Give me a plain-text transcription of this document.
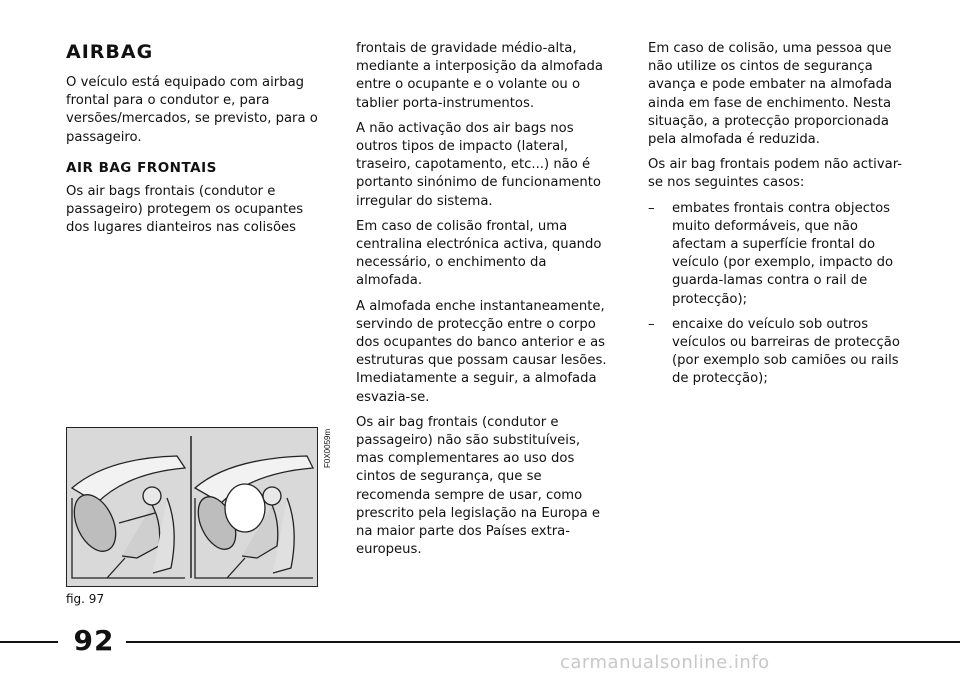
AIRBAG

O veículo está equipado com airbag frontal para o condutor e, para versões/mercados, se previsto, para o passageiro.

AIR BAG FRONTAIS

Os air bags frontais (condutor e passageiro) protegem os ocupantes dos lugares dianteiros nas colisões

frontais de gravidade médio-alta, mediante a interposição da almofada entre o ocupante e o volante ou o tablier porta-instrumentos.

A não activação dos air bags nos outros tipos de impacto (lateral, traseiro, capotamento, etc...) não é portanto sinónimo de funcionamento irregular do sistema.

Em caso de colisão frontal, uma centralina electrónica activa, quando necessário, o enchimento da almofada.

A almofada enche instantaneamente, servindo de protecção entre o corpo dos ocupantes do banco anterior e as estruturas que possam causar lesões. Imediatamente a seguir, a almofada esvazia-se.

Os air bag frontais (condutor e passageiro) não são substituíveis, mas complementares ao uso dos cintos de segurança, que se recomenda sempre de usar, como prescrito pela legislação na Europa e na maior parte dos Países extra-europeus.

Em caso de colisão, uma pessoa que não utilize os cintos de segurança avança e pode embater na almofada ainda em fase de enchimento. Nesta situação, a protecção proporcionada pela almofada é reduzida.

Os air bag frontais podem não activar-se nos seguintes casos:

– embates frontais contra objectos muito deformáveis, que não afectam a superfície frontal do veículo (por exemplo, impacto do guarda-lamas contra o rail de protecção);
– encaixe do veículo sob outros veículos ou barreiras de protecção (por exemplo sob camiões ou rails de protecção);
F0X0059m
fig. 97
92
carmanualsonline.info
